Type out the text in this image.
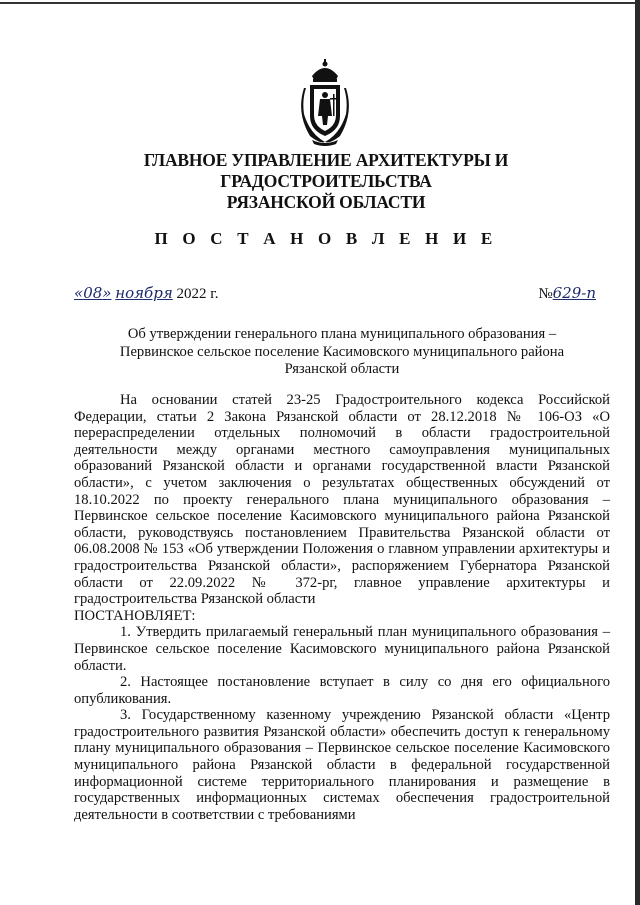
ГЛАВНОЕ УПРАВЛЕНИЕ АРХИТЕКТУРЫ И ГРАДОСТРОИТЕЛЬСТВА
РЯЗАНСКОЙ ОБЛАСТИ
П О С Т А Н О В Л Е Н И Е
«08» ноября 2022 г.	№629-п
Об утверждении генерального плана муниципального образования –
Первинское сельское поселение Касимовского муниципального района
Рязанской области

На основании статей 23-25 Градостроительного кодекса Российской Федерации, статьи 2 Закона Рязанской области от 28.12.2018 № 106-ОЗ «О перераспределении отдельных полномочий в области градостроительной деятельности между органами местного самоуправления муниципальных образований Рязанской области и органами государственной власти Рязанской области», с учетом заключения о результатах общественных обсуждений от 18.10.2022 по проекту генерального плана муниципального образования – Первинское сельское поселение Касимовского муниципального района Рязанской области, руководствуясь постановлением Правительства Рязанской области от 06.08.2008 № 153 «Об утверждении Положения о главном управлении архитектуры и градостроительства Рязанской области», распоряжением Губернатора Рязанской области от 22.09.2022 № 372-рг, главное управление архитектуры и градостроительства Рязанской области

ПОСТАНОВЛЯЕТ:

1. Утвердить прилагаемый генеральный план муниципального образования – Первинское сельское поселение Касимовского муниципального района Рязанской области.

2. Настоящее постановление вступает в силу со дня его официального опубликования.

3. Государственному казенному учреждению Рязанской области «Центр градостроительного развития Рязанской области» обеспечить доступ к генеральному плану муниципального образования – Первинское сельское поселение Касимовского муниципального района Рязанской области в федеральной государственной информационной системе территориального планирования и размещение в государственных информационных системах обеспечения градостроительной деятельности в соответствии с требованиями
